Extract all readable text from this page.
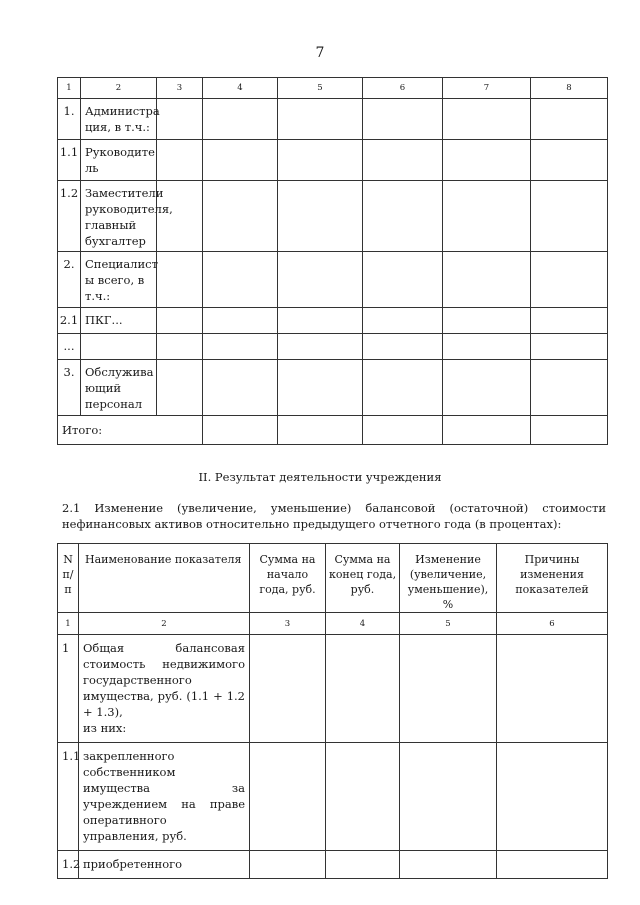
7
1	2	3	4	5	6	7	8
1.	Администра ция, в т.ч.:						
1.1	Руководите ль						
1.2	Заместители руководителя, главный бухгалтер						
2.	Специалист ы всего, в т.ч.:						
2.1	ПКГ...						
...							
3.	Обслужива ющий персонал						
Итого:							
II. Результат деятельности учреждения
2.1 Изменение (увеличение, уменьшение) балансовой (остаточной) стоимости нефинансовых активов относительно предыдущего отчетного года (в процентах):
N п/п	Наименование показателя	Сумма на начало года, руб.	Сумма на конец года, руб.	Изменение (увеличение, уменьшение), %	Причины изменения показателей
1	2	3	4	5	6
1	Общая балансовая стоимость недвижимого государственного имущества, руб. (1.1 + 1.2 + 1.3),
из них:				

1.1	закрепленного собственником имущества за учреждением на праве оперативного управления, руб.				
1.2	приобретенного				
